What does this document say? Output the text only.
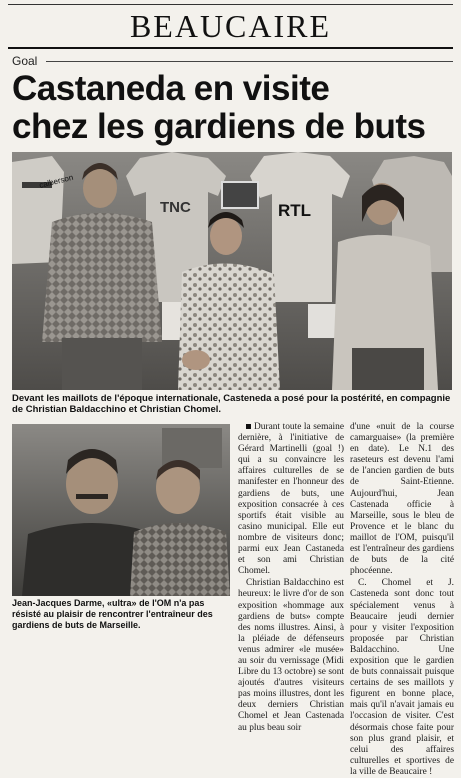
BEAUCAIRE
Goal
Castaneda en visite
chez les gardiens de buts
calberson
TNC	RTL

Devant les maillots de l'époque internationale, Casteneda a posé pour la postérité, en compagnie de Christian Baldacchino et Christian Chomel.

Jean-Jacques Darme, «ultra» de l'OM n'a pas résisté au plaisir de rencontrer l'entraîneur des gardiens de buts de Marseille.

Durant toute la semaine dernière, à l'initiative de Gérard Martinelli (goal !) qui a su convaincre les affaires culturelles de se manifester en l'honneur des gardiens de buts, une exposition consacrée à ces sportifs était visible au casino municipal. Elle eut nombre de visiteurs donc; parmi eux Jean Castaneda et son ami Christian Chomel.

Christian Baldacchino est heureux: le livre d'or de son exposition «hommage aux gardiens de buts» compte des noms illustres. Ainsi, à la pléiade de défenseurs venus admirer «le musée» au soir du vernissage (Midi Libre du 13 octobre) se sont ajoutés d'autres visiteurs pas moins illustres, dont les deux derniers Christian Chomel et Jean Castenada au plus beau soir

d'une «nuit de la course camarguaise» (la première en date). Le N.1 des raseteurs est devenu l'ami de l'ancien gardien de buts de Saint-Etienne. Aujourd'hui, Jean Castenada officie à Marseille, sous le bleu de Provence et le blanc du maillot de l'OM, puisqu'il est l'entraîneur des gardiens de buts de la cité phocéenne.

C. Chomel et J. Casteneda sont donc tout spécialement venus à Beaucaire jeudi dernier pour y visiter l'exposition proposée par Christian Baldacchino. Une exposition que le gardien de buts connaissait puisque certains de ses maillots y figurent en bonne place, mais qu'il n'avait jamais eu l'occasion de visiter. C'est désormais chose faite pour son plus grand plaisir, et celui des affaires culturelles et sportives de la ville de Beaucaire !
